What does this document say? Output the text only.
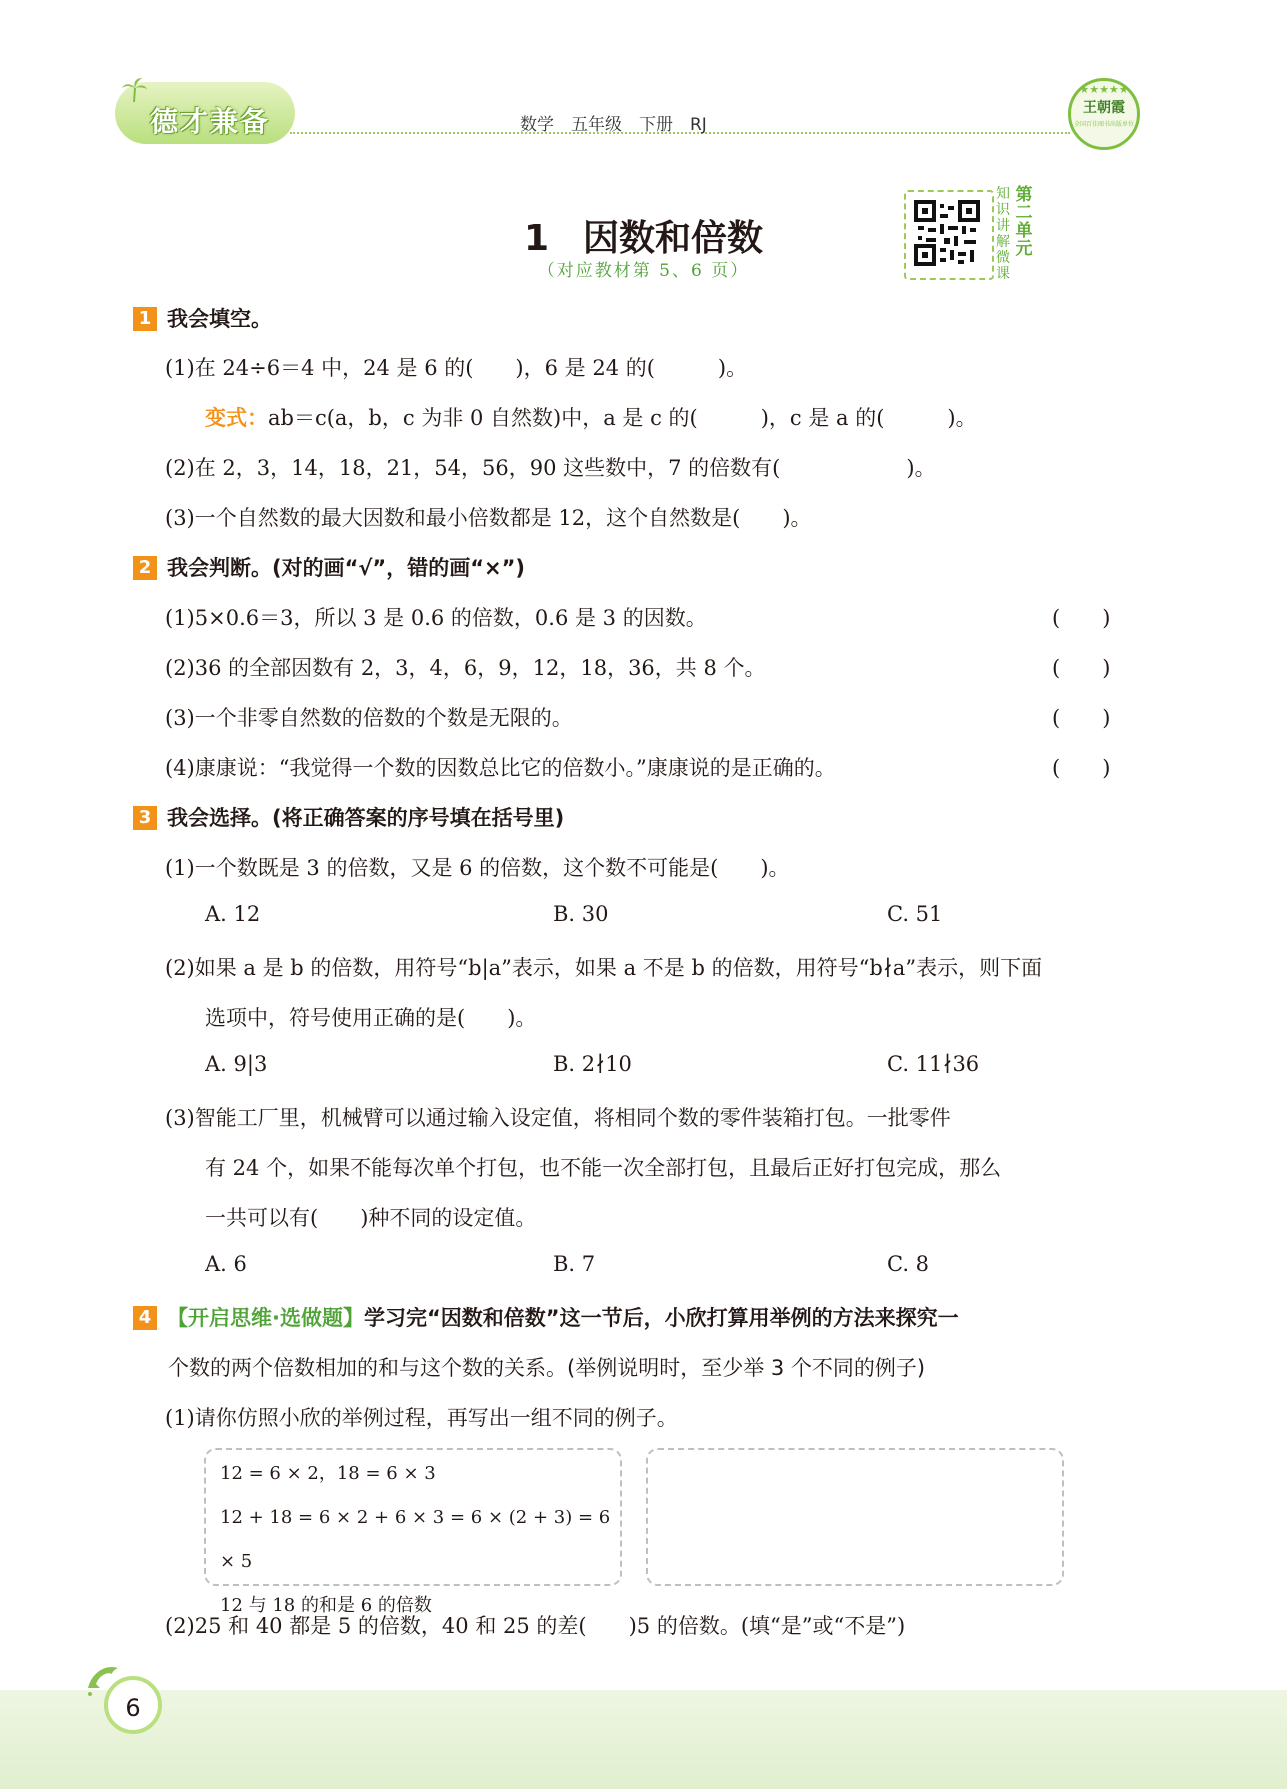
德才兼备	数学　五年级　下册　RJ
★★★★★
王朝霞
全国百佳图书出版单位
1 因数和倍数
（对应教材第 5、6 页）
知识讲解微课
第二单元
1 我会填空。
(1)在 24÷6＝4 中，24 是 6 的(　　)，6 是 24 的(　　　)。
变式：ab＝c(a，b，c 为非 0 自然数)中，a 是 c 的(　　　)，c 是 a 的(　　　)。
(2)在 2，3，14，18，21，54，56，90 这些数中，7 的倍数有(　　　　　　)。
(3)一个自然数的最大因数和最小倍数都是 12，这个自然数是(　　)。
2 我会判断。(对的画“√”，错的画“×”)
(1)5×0.6＝3，所以 3 是 0.6 的倍数，0.6 是 3 的因数。	(　　)
(2)36 的全部因数有 2，3，4，6，9，12，18，36，共 8 个。	(　　)
(3)一个非零自然数的倍数的个数是无限的。	(　　)
(4)康康说：“我觉得一个数的因数总比它的倍数小。”康康说的是正确的。	(　　)
3 我会选择。(将正确答案的序号填在括号里)
(1)一个数既是 3 的倍数，又是 6 的倍数，这个数不可能是(　　)。
A. 12	B. 30	C. 51
(2)如果 a 是 b 的倍数，用符号“b|a”表示，如果 a 不是 b 的倍数，用符号“b∤a”表示，则下面
选项中，符号使用正确的是(　　)。
A. 9|3	B. 2∤10	C. 11∤36
(3)智能工厂里，机械臂可以通过输入设定值，将相同个数的零件装箱打包。一批零件
有 24 个，如果不能每次单个打包，也不能一次全部打包，且最后正好打包完成，那么
一共可以有(　　)种不同的设定值。
A. 6	B. 7	C. 8
4 【开启思维·选做题】学习完“因数和倍数”这一节后，小欣打算用举例的方法来探究一
个数的两个倍数相加的和与这个数的关系。(举例说明时，至少举 3 个不同的例子)
(1)请你仿照小欣的举例过程，再写出一组不同的例子。
12 = 6 × 2，18 = 6 × 3
12 + 18 = 6 × 2 + 6 × 3 = 6 × (2 + 3) = 6 × 5
12 与 18 的和是 6 的倍数
(2)25 和 40 都是 5 的倍数，40 和 25 的差(　　)5 的倍数。(填“是”或“不是”)
6
